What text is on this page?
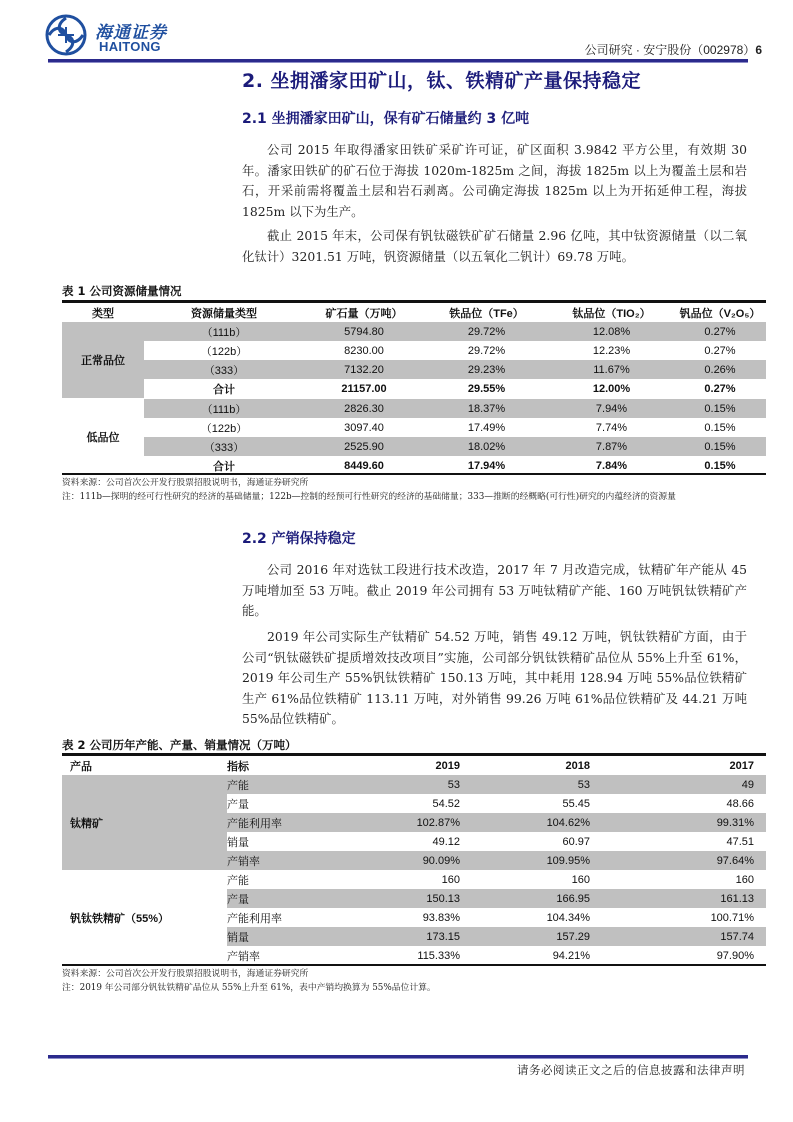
海通证券
HAITONG	公司研究 · 安宁股份（002978）6
2. 坐拥潘家田矿山，钛、铁精矿产量保持稳定
2.1 坐拥潘家田矿山，保有矿石储量约 3 亿吨
公司 2015 年取得潘家田铁矿采矿许可证，矿区面积 3.9842 平方公里，有效期 30 年。潘家田铁矿的矿石位于海拔 1020m-1825m 之间，海拔 1825m 以上为覆盖土层和岩石，开采前需将覆盖土层和岩石剥离。公司确定海拔 1825m 以上为开拓延伸工程，海拔 1825m 以下为生产。
截止 2015 年末，公司保有钒钛磁铁矿矿石储量 2.96 亿吨，其中钛资源储量（以二氧化钛计）3201.51 万吨，钒资源储量（以五氧化二钒计）69.78 万吨。
表 1 公司资源储量情况
类型	资源储量类型	矿石量（万吨）	铁品位（TFe）	钛品位（TIO₂）	钒品位（V₂O₅）
正常品位	（111b）	5794.80	29.72%	12.08%	0.27%
	（122b）	8230.00	29.72%	12.23%	0.27%
	（333）	7132.20	29.23%	11.67%	0.26%
	合计	21157.00	29.55%	12.00%	0.27%
低品位	（111b）	2826.30	18.37%	7.94%	0.15%
	（122b）	3097.40	17.49%	7.74%	0.15%
	（333）	2525.90	18.02%	7.87%	0.15%
	合计	8449.60	17.94%	7.84%	0.15%
资料来源：公司首次公开发行股票招股说明书，海通证券研究所
注：111b—探明的经可行性研究的经济的基础储量；122b—控制的经预可行性研究的经济的基础储量；333—推断的经概略(可行性)研究的内蕴经济的资源量
2.2 产销保持稳定
公司 2016 年对选钛工段进行技术改造，2017 年 7 月改造完成，钛精矿年产能从 45 万吨增加至 53 万吨。截止 2019 年公司拥有 53 万吨钛精矿产能、160 万吨钒钛铁精矿产能。
2019 年公司实际生产钛精矿 54.52 万吨，销售 49.12 万吨，钒钛铁精矿方面，由于公司“钒钛磁铁矿提质增效技改项目”实施，公司部分钒钛铁精矿品位从 55%上升至 61%，2019 年公司生产 55%钒钛铁精矿 150.13 万吨，其中耗用 128.94 万吨 55%品位铁精矿生产 61%品位铁精矿 113.11 万吨，对外销售 99.26 万吨 61%品位铁精矿及 44.21 万吨 55%品位铁精矿。
表 2 公司历年产能、产量、销量情况（万吨）
产品	指标	2019	2018	2017
钛精矿	产能	53	53	49
	产量	54.52	55.45	48.66
	产能利用率	102.87%	104.62%	99.31%
	销量	49.12	60.97	47.51
	产销率	90.09%	109.95%	97.64%
钒钛铁精矿（55%）	产能	160	160	160
	产量	150.13	166.95	161.13
	产能利用率	93.83%	104.34%	100.71%
	销量	173.15	157.29	157.74
	产销率	115.33%	94.21%	97.90%
资料来源：公司首次公开发行股票招股说明书，海通证券研究所
注：2019 年公司部分钒钛铁精矿品位从 55%上升至 61%，表中产销均换算为 55%品位计算。
请务必阅读正文之后的信息披露和法律声明
